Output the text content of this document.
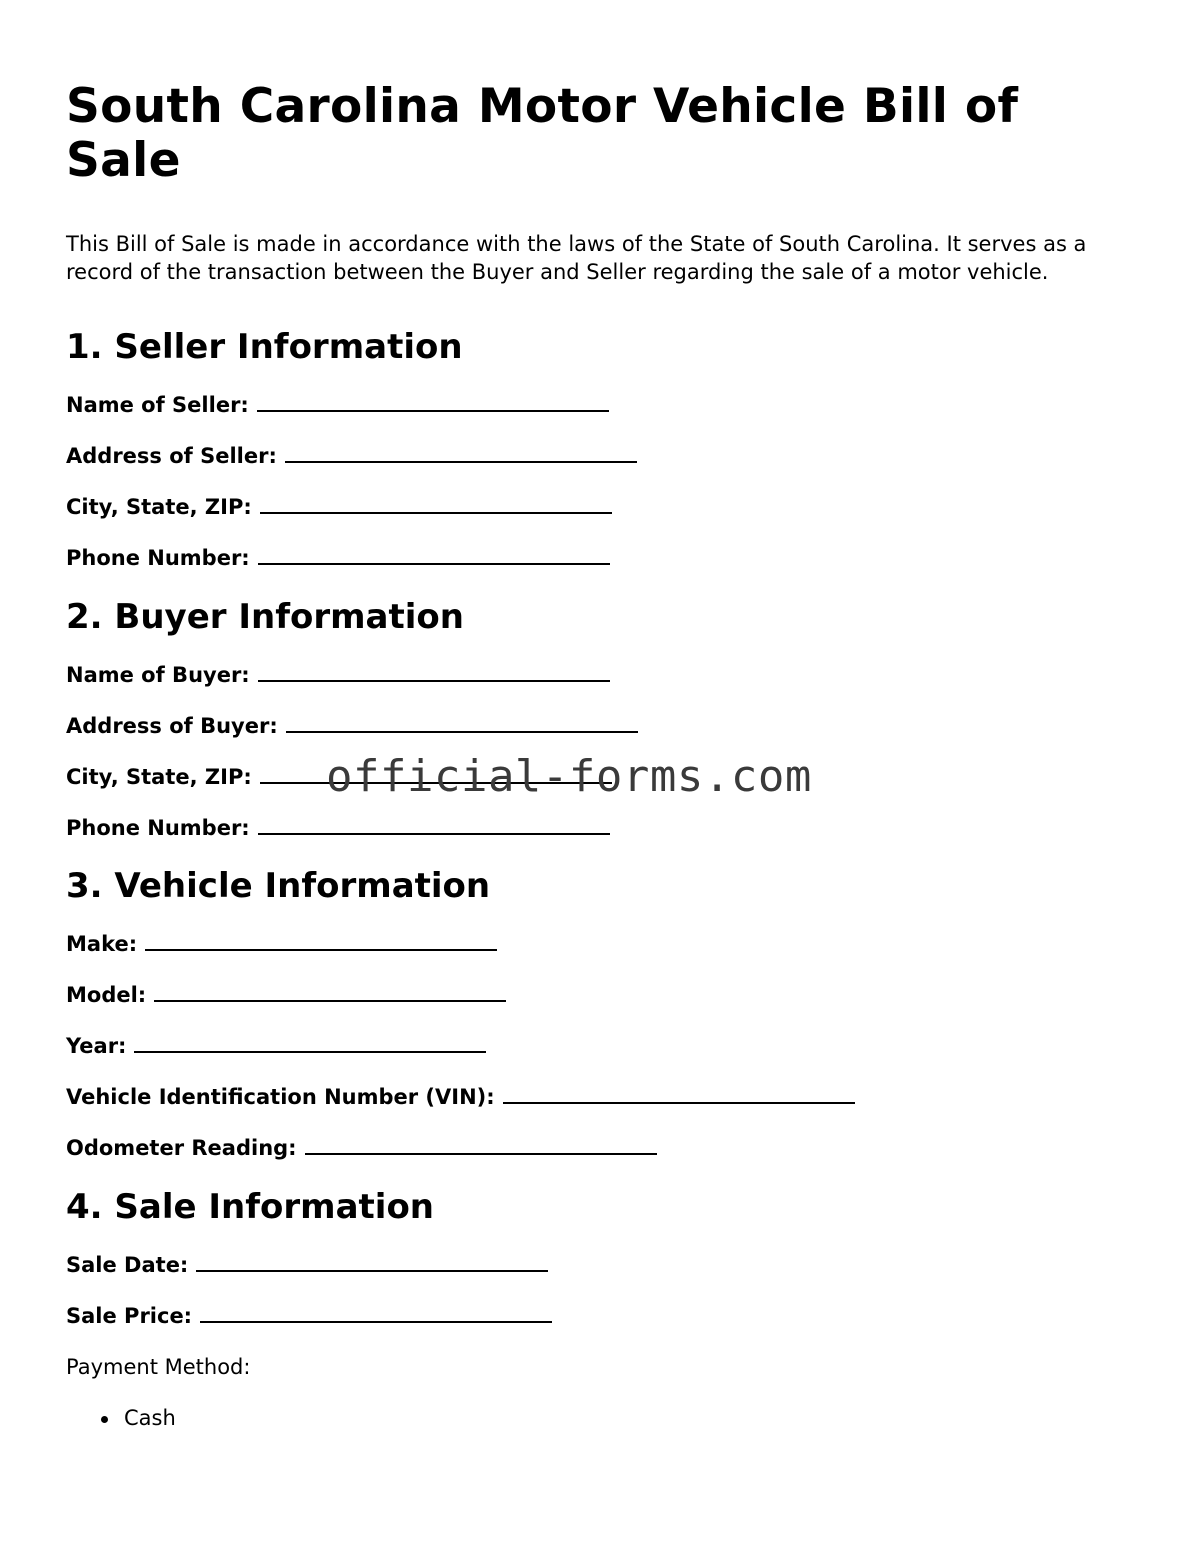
South Carolina Motor Vehicle Bill of Sale

This Bill of Sale is made in accordance with the laws of the State of South Carolina. It serves as a record of the transaction between the Buyer and Seller regarding the sale of a motor vehicle.

1. Seller Information
Name of Seller:
Address of Seller:
City, State, ZIP:
Phone Number:
2. Buyer Information
Name of Buyer:
Address of Buyer:
City, State, ZIP:
Phone Number:
3. Vehicle Information
Make:
Model:
Year:
Vehicle Identification Number (VIN):
Odometer Reading:
4. Sale Information
Sale Date:
Sale Price:
Payment Method:
Cash
official-forms.com
